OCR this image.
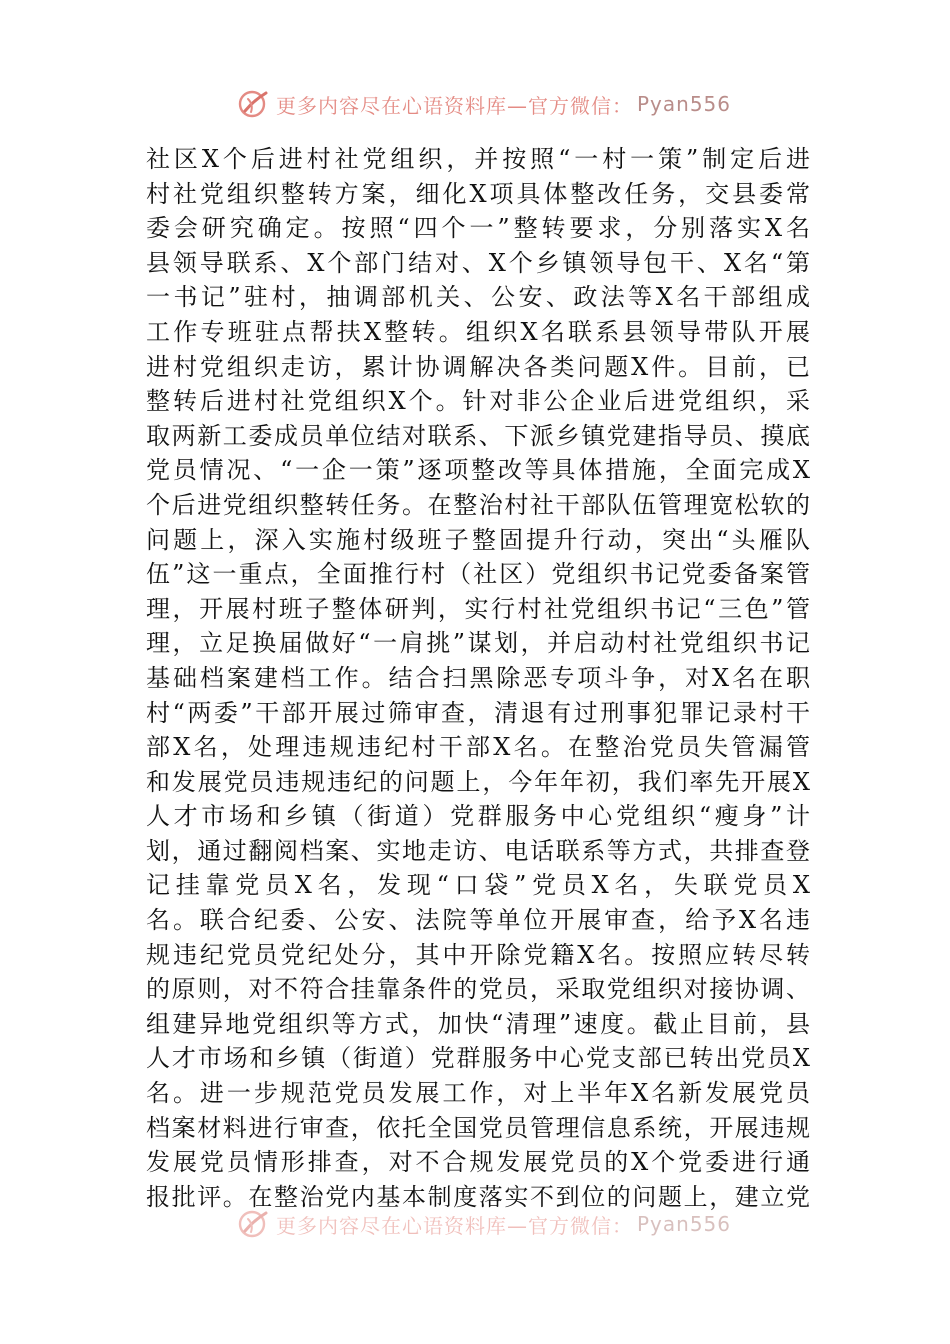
更多内容尽在心语资料库—官方微信： Pyan556
社区X个后进村社党组织，并按照“一村一策”制定后进
村社党组织整转方案，细化X项具体整改任务，交县委常
委会研究确定。按照“四个一”整转要求，分别落实X名
县领导联系、X个部门结对、X个乡镇领导包干、X名“第
一书记”驻村，抽调部机关、公安、政法等X名干部组成
工作专班驻点帮扶X整转。组织X名联系县领导带队开展
进村党组织走访，累计协调解决各类问题X件。目前，已
整转后进村社党组织X个。针对非公企业后进党组织，采
取两新工委成员单位结对联系、下派乡镇党建指导员、摸底
党员情况、“一企一策”逐项整改等具体措施，全面完成X
个后进党组织整转任务。在整治村社干部队伍管理宽松软的
问题上，深入实施村级班子整固提升行动，突出“头雁队
伍”这一重点，全面推行村（社区）党组织书记党委备案管
理，开展村班子整体研判，实行村社党组织书记“三色”管
理，立足换届做好“一肩挑”谋划，并启动村社党组织书记
基础档案建档工作。结合扫黑除恶专项斗争，对X名在职
村“两委”干部开展过筛审查，清退有过刑事犯罪记录村干
部X名，处理违规违纪村干部X名。在整治党员失管漏管
和发展党员违规违纪的问题上，今年年初，我们率先开展X
人才市场和乡镇（街道）党群服务中心党组织“瘦身”计
划，通过翻阅档案、实地走访、电话联系等方式，共排查登
记挂靠党员X名，发现“口袋”党员X名，失联党员X
名。联合纪委、公安、法院等单位开展审查，给予X名违
规违纪党员党纪处分，其中开除党籍X名。按照应转尽转
的原则，对不符合挂靠条件的党员，采取党组织对接协调、
组建异地党组织等方式，加快“清理”速度。截止目前，县
人才市场和乡镇（街道）党群服务中心党支部已转出党员X
名。进一步规范党员发展工作，对上半年X名新发展党员
档案材料进行审查，依托全国党员管理信息系统，开展违规
发展党员情形排查，对不合规发展党员的X个党委进行通
报批评。在整治党内基本制度落实不到位的问题上，建立党
更多内容尽在心语资料库—官方微信： Pyan556
